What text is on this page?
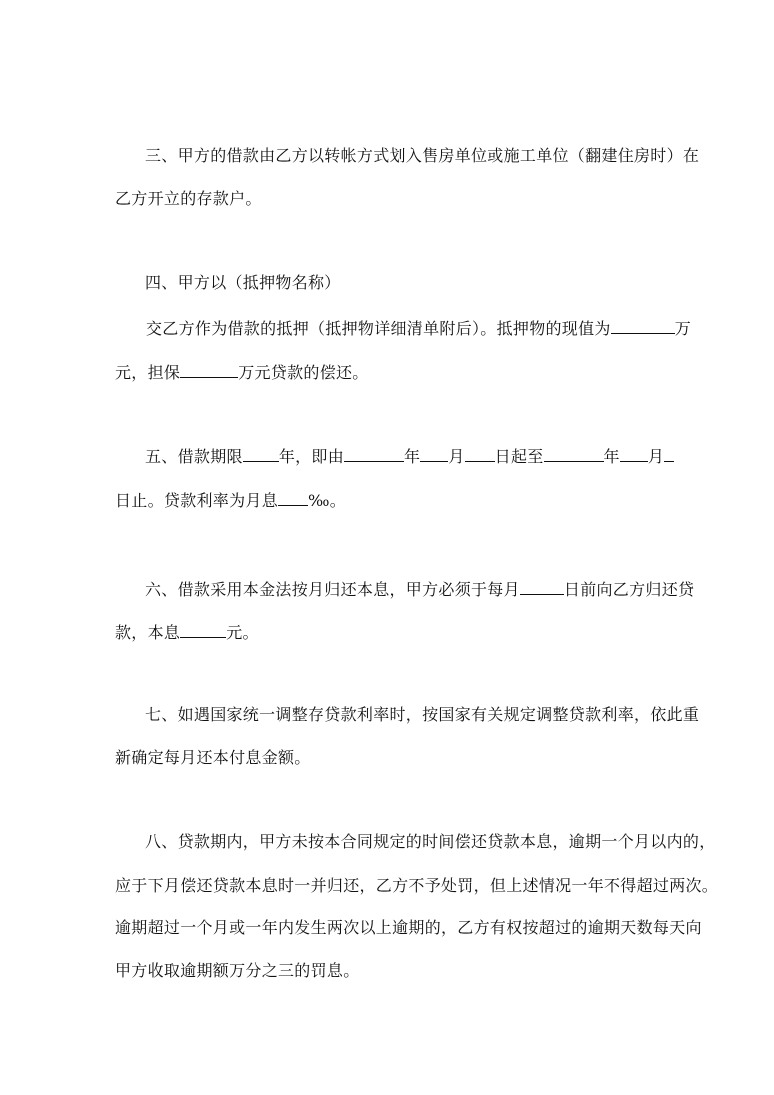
三、甲方的借款由乙方以转帐方式划入售房单位或施工单位（翻建住房时）在
乙方开立的存款户。
四、甲方以（抵押物名称）
交乙方作为借款的抵押（抵押物详细清单附后）。抵押物的现值为	万
元，担保	万元贷款的偿还。
五、借款期限 年，即由	年 月 日起至	年 月
日止。贷款利率为月息 ‰。
六、借款采用本金法按月归还本息，甲方必须于每月	日前向乙方归还贷
款，本息	元。
七、如遇国家统一调整存贷款利率时，按国家有关规定调整贷款利率，依此重
新确定每月还本付息金额。
八、贷款期内，甲方未按本合同规定的时间偿还贷款本息，逾期一个月以内的，
应于下月偿还贷款本息时一并归还，乙方不予处罚，但上述情况一年不得超过两次。
逾期超过一个月或一年内发生两次以上逾期的，乙方有权按超过的逾期天数每天向
甲方收取逾期额万分之三的罚息。
